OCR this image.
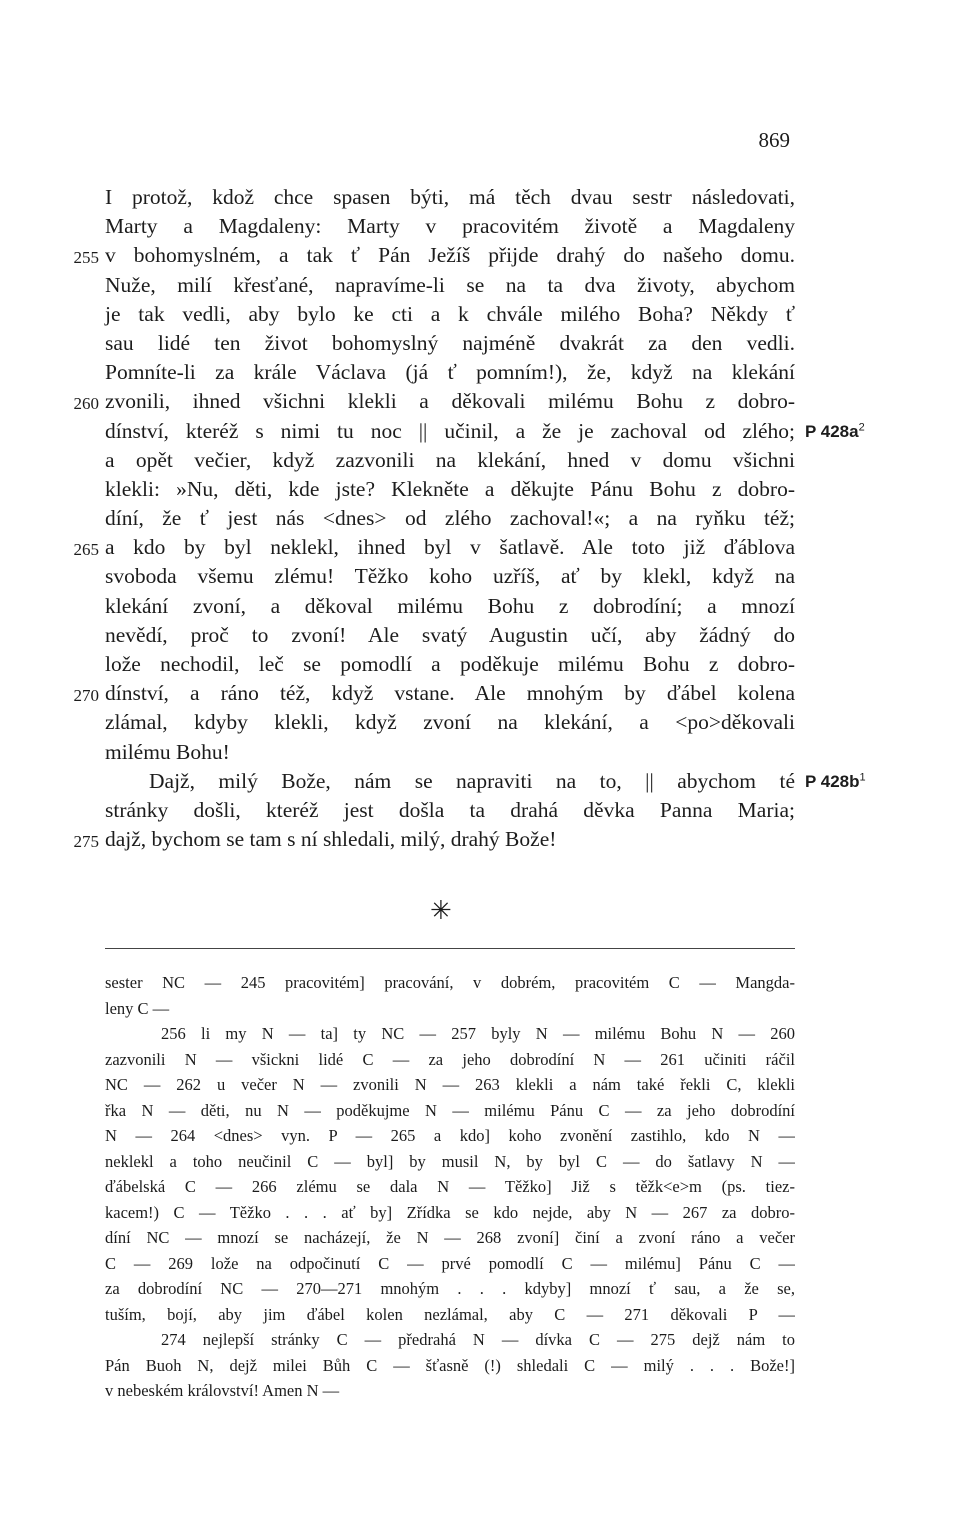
869
I protož, kdož chce spasen býti, má těch dvau sestr následovati,
Marty a Magdaleny: Marty v pracovitém životě a Magdaleny
255 v bohomyslném, a tak ť Pán Ježíš přijde drahý do našeho domu.
Nuže, milí křesťané, napravíme-li se na ta dva životy, abychom
je tak vedli, aby bylo ke cti a k chvále milého Boha? Někdy ť
sau lidé ten život bohomyslný najméně dvakrát za den vedli.
Pomníte-li za krále Václava (já ť pomním!), že, když na klekání
260 zvonili, ihned všichni klekli a děkovali milému Bohu z dobro-
dínství, kteréž s nimi tu noc || učinil, a že je zachoval od zlého; P $428a^2$
a opět večier, když zazvonili na klekání, hned v domu všichni
klekli: »Nu, děti, kde jste? Klekněte a děkujte Pánu Bohu z dobro-
díní, že ť jest nás <dnes> od zlého zachoval!«; a na ryňku též;
265 a kdo by byl neklekl, ihned byl v šatlavě. Ale toto již ďáblova
svoboda všemu zlému! Těžko koho uzříš, ať by klekl, když na
klekání zvoní, a děkoval milému Bohu z dobrodíní; a mnozí
nevědí, proč to zvoní! Ale svatý Augustin učí, aby žádný do
lože nechodil, leč se pomodlí a poděkuje milému Bohu z dobro-
270 dínství, a ráno též, když vstane. Ale mnohým by ďábel kolena
zlámal, kdyby klekli, když zvoní na klekání, a <po>děkovali
milému Bohu!
Dajž, milý Bože, nám se napraviti na to, || abychom té P $428b^1$
stránky došli, kteréž jest došla ta drahá děvka Panna Maria;
275 dajž, bychom se tam s ní shledali, milý, drahý Bože!
✳
sester NC — 245 pracovitém] pracování, v dobrém, pracovitém C — Mangda-
leny C —
256 li my N — ta] ty NC — 257 byly N — milému Bohu N — 260
zazvonili N — všickni lidé C — za jeho dobrodíní N — 261 učiniti ráčil
NC — 262 u večer N — zvonili N — 263 klekli a nám také řekli C, klekli
řka N — děti, nu N — poděkujme N — milému Pánu C — za jeho dobrodíní
N — 264 <dnes> vyn. P — 265 a kdo] koho zvonění zastihlo, kdo N —
neklekl a toho neučinil C — byl] by musil N, by byl C — do šatlavy N —
ďábelská C — 266 zlému se dala N — Těžko] Již s těžk<e>m (ps. tiez-
kacem!) C — Těžko . . . ať by] Zřídka se kdo nejde, aby N — 267 za dobro-
díní NC — mnozí se nacházejí, že N — 268 zvoní] činí a zvoní ráno a večer
C — 269 lože na odpočinutí C — prvé pomodlí C — milému] Pánu C —
za dobrodíní NC — 270—271 mnohým . . . kdyby] mnozí ť sau, a že se,
tuším, bojí, aby jim ďábel kolen nezlámal, aby C — 271 děkovali P —
274 nejlepší stránky C — předrahá N — dívka C — 275 dejž nám to
Pán Buoh N, dejž milei Bůh C — šťasně (!) shledali C — milý . . . Bože!]
v nebeském království! Amen N —
